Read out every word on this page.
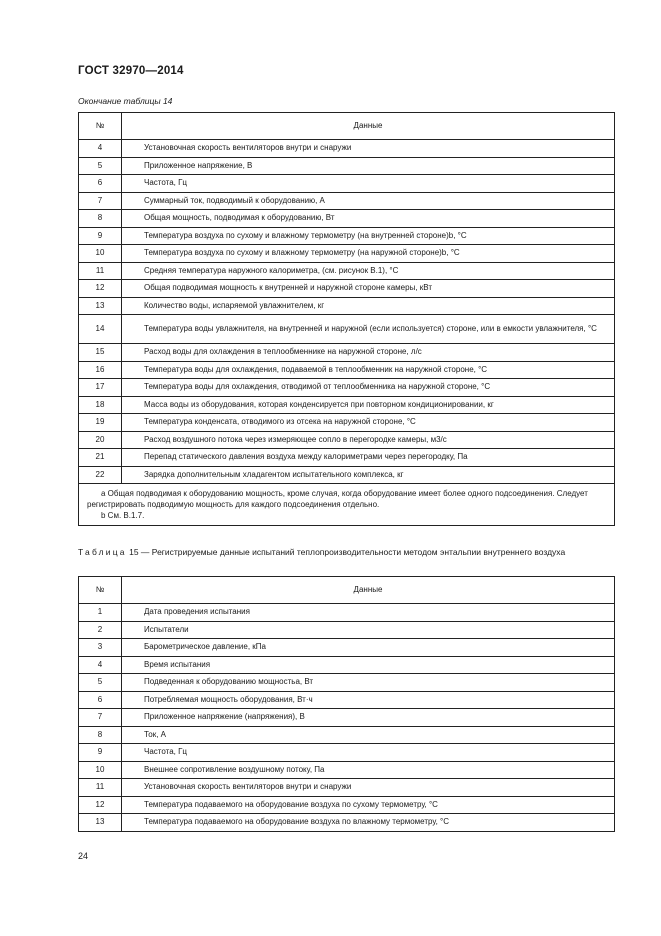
ГОСТ 32970—2014
Окончание таблицы 14
№	Данные
4	Установочная скорость вентиляторов внутри и снаружи
5	Приложенное напряжение, В
6	Частота, Гц
7	Суммарный ток, подводимый к оборудованию, А
8	Общая мощность, подводимая к оборудованию, Вт
9	Температура воздуха по сухому и влажному термометру (на внутренней стороне)b, °C
10	Температура воздуха по сухому и влажному термометру (на наружной стороне)b, °C
11	Средняя температура наружного калориметра, (см. рисунок В.1), °C
12	Общая подводимая мощность к внутренней и наружной стороне камеры, кВт
13	Количество воды, испаряемой увлажнителем, кг
14	Температура воды увлажнителя, на внутренней и наружной (если используется) стороне, или в емкости увлажнителя, °C
15	Расход воды для охлаждения в теплообменнике на наружной стороне, л/с
16	Температура воды для охлаждения, подаваемой в теплообменник на наружной стороне, °C
17	Температура воды для охлаждения, отводимой от теплообменника на наружной стороне, °C
18	Масса воды из оборудования, которая конденсируется при повторном кондиционировании, кг
19	Температура конденсата, отводимого из отсека на наружной стороне, °C
20	Расход воздушного потока через измеряющее сопло в перегородке камеры, м3/с
21	Перепад статического давления воздуха между калориметрами через перегородку, Па
22	Зарядка дополнительным хладагентом испытательного комплекса, кг

a Общая подводимая к оборудованию мощность, кроме случая, когда оборудование имеет более одного подсоединения. Следует регистрировать подводимую мощность для каждого подсоединения отдельно.
b См. В.1.7.	
Таблица 15 — Регистрируемые данные испытаний теплопроизводительности методом энтальпии внутреннего воздуха
№	Данные
1	Дата проведения испытания
2	Испытатели
3	Барометрическое давление, кПа
4	Время испытания
5	Подведенная к оборудованию мощностьa, Вт
6	Потребляемая мощность оборудования, Вт·ч
7	Приложенное напряжение (напряжения), В
8	Ток, А
9	Частота, Гц
10	Внешнее сопротивление воздушному потоку, Па
11	Установочная скорость вентиляторов внутри и снаружи
12	Температура подаваемого на оборудование воздуха по сухому термометру, °C
13	Температура подаваемого на оборудование воздуха по влажному термометру, °C
24
